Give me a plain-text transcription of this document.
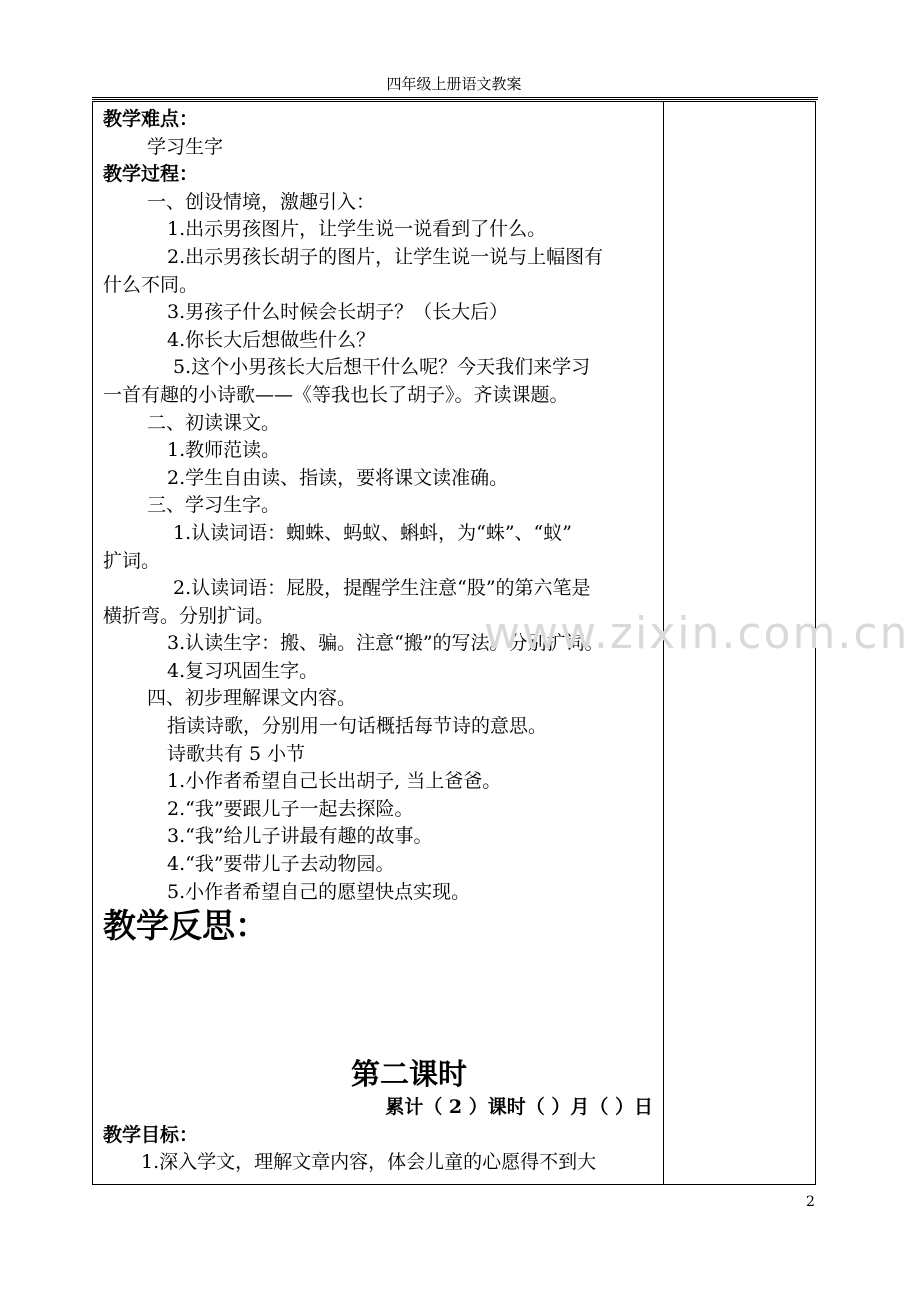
四年级上册语文教案
教学难点：
学习生字
教学过程：
一、创设情境，激趣引入：
1.出示男孩图片，让学生说一说看到了什么。
2.出示男孩长胡子的图片，让学生说一说与上幅图有
什么不同。
3.男孩子什么时候会长胡子？（长大后）
4.你长大后想做些什么？
5.这个小男孩长大后想干什么呢？今天我们来学习
一首有趣的小诗歌——《等我也长了胡子》。齐读课题。
二、初读课文。
1.教师范读。
2.学生自由读、指读，要将课文读准确。
三、学习生字。
1.认读词语：蜘蛛、蚂蚁、蝌蚪，为“蛛”、“蚁”
扩词。
2.认读词语：屁股，提醒学生注意“股”的第六笔是
横折弯。分别扩词。
3.认读生字：搬、骗。注意“搬”的写法。分别扩词。
4.复习巩固生字。
四、初步理解课文内容。
指读诗歌，分别用一句话概括每节诗的意思。
诗歌共有 5 小节
1.小作者希望自己长出胡子, 当上爸爸。
2.“我”要跟儿子一起去探险。
3.“我”给儿子讲最有趣的故事。
4.“我”要带儿子去动物园。
5.小作者希望自己的愿望快点实现。
教学反思：
第二课时
累计（ 2 ）课时（ ）月（ ）日
教学目标：
1.深入学文，理解文章内容，体会儿童的心愿得不到大
www.zixin.com.cn
2
